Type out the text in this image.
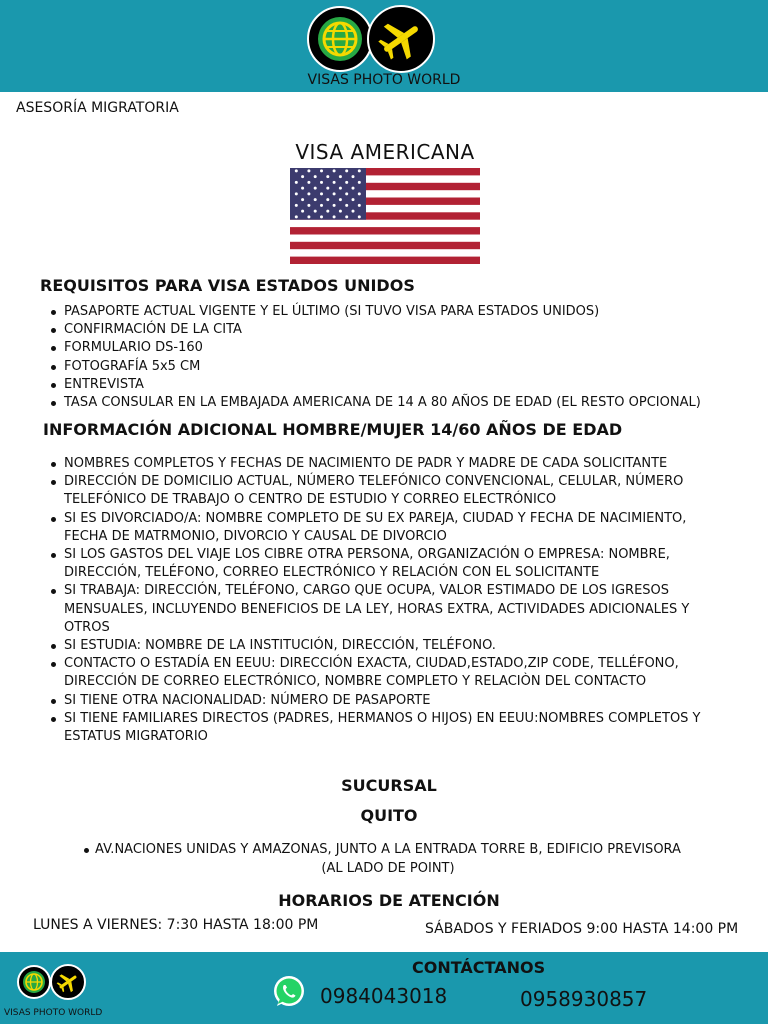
VISAS PHOTO WORLD
ASESORÍA MIGRATORIA
VISA AMERICANA
REQUISITOS PARA VISA ESTADOS UNIDOS
PASAPORTE ACTUAL VIGENTE Y EL ÚLTIMO (SI TUVO VISA PARA ESTADOS UNIDOS)
CONFIRMACIÓN DE LA CITA
FORMULARIO DS-160
FOTOGRAFÍA 5x5 CM
ENTREVISTA
TASA CONSULAR EN LA EMBAJADA AMERICANA DE 14 A 80 AÑOS DE EDAD (EL RESTO OPCIONAL)
INFORMACIÓN ADICIONAL HOMBRE/MUJER 14/60 AÑOS DE EDAD
NOMBRES COMPLETOS Y FECHAS DE NACIMIENTO DE PADR Y MADRE DE CADA SOLICITANTE
DIRECCIÓN DE DOMICILIO ACTUAL, NÚMERO TELEFÓNICO CONVENCIONAL, CELULAR, NÚMERO TELEFÓNICO DE TRABAJO O CENTRO DE ESTUDIO Y CORREO ELECTRÓNICO
SI ES DIVORCIADO/A: NOMBRE COMPLETO DE SU EX PAREJA, CIUDAD Y FECHA DE NACIMIENTO, FECHA DE MATRMONIO, DIVORCIO Y CAUSAL DE DIVORCIO
SI LOS GASTOS DEL VIAJE LOS CIBRE OTRA PERSONA, ORGANIZACIÓN O EMPRESA: NOMBRE, DIRECCIÓN, TELÉFONO, CORREO ELECTRÓNICO Y RELACIÓN CON EL SOLICITANTE
SI TRABAJA: DIRECCIÓN, TELÉFONO, CARGO QUE OCUPA, VALOR ESTIMADO DE LOS IGRESOS MENSUALES, INCLUYENDO BENEFICIOS DE LA LEY, HORAS EXTRA, ACTIVIDADES ADICIONALES Y OTROS
SI ESTUDIA: NOMBRE DE LA INSTITUCIÓN, DIRECCIÓN, TELÉFONO.
CONTACTO O ESTADÍA EN EEUU: DIRECCIÓN EXACTA, CIUDAD,ESTADO,ZIP CODE, TELLÉFONO, DIRECCIÓN DE CORREO ELECTRÓNICO, NOMBRE COMPLETO Y RELACIÒN DEL CONTACTO
SI TIENE OTRA NACIONALIDAD: NÚMERO DE PASAPORTE
SI TIENE FAMILIARES DIRECTOS (PADRES, HERMANOS O HIJOS) EN EEUU:NOMBRES COMPLETOS Y ESTATUS MIGRATORIO
SUCURSAL
QUITO
AV.NACIONES UNIDAS Y AMAZONAS, JUNTO A LA ENTRADA TORRE B, EDIFICIO PREVISORA
(AL LADO DE POINT)
HORARIOS DE ATENCIÓN
LUNES A VIERNES: 7:30 HASTA 18:00 PM	SÁBADOS Y FERIADOS 9:00 HASTA 14:00 PM
VISAS PHOTO WORLD
CONTÁCTANOS
0984043018	0958930857
